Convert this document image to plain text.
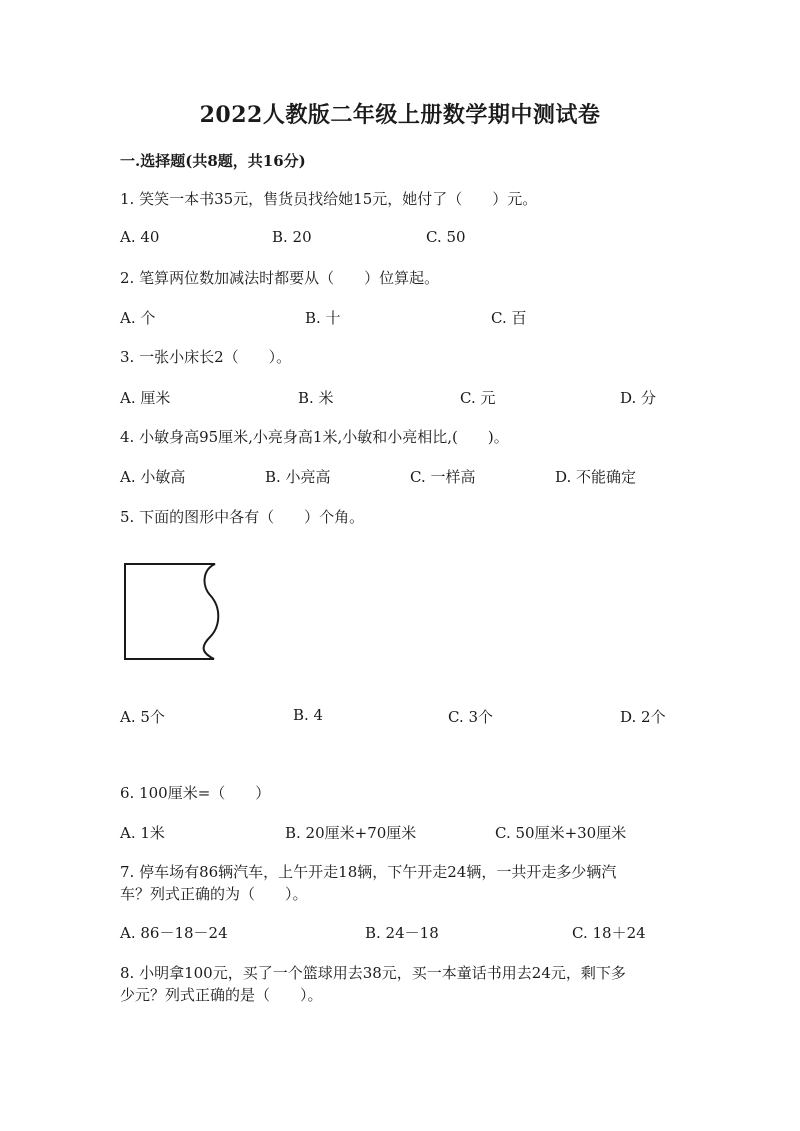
2022人教版二年级上册数学期中测试卷
一.选择题(共8题，共16分)
1. 笑笑一本书35元，售货员找给她15元，她付了（　　）元。
A. 40	B. 20	C. 50
2. 笔算两位数加减法时都要从（　　）位算起。
A. 个	B. 十	C. 百
3. 一张小床长2（　　）。
A. 厘米	B. 米	C. 元	D. 分
4. 小敏身高95厘米,小亮身高1米,小敏和小亮相比,(　　)。
A. 小敏高	B. 小亮高	C. 一样高	D. 不能确定
5. 下面的图形中各有（　　）个角。
A. 5个	B. 4	C. 3个	D. 2个
6. 100厘米=（　　）
A. 1米	B. 20厘米+70厘米	C. 50厘米+30厘米
7. 停车场有86辆汽车，上午开走18辆，下午开走24辆，一共开走多少辆汽
车？列式正确的为（　　）。
A. 86－18－24	B. 24－18	C. 18＋24
8. 小明拿100元，买了一个篮球用去38元，买一本童话书用去24元，剩下多
少元？列式正确的是（　　）。
